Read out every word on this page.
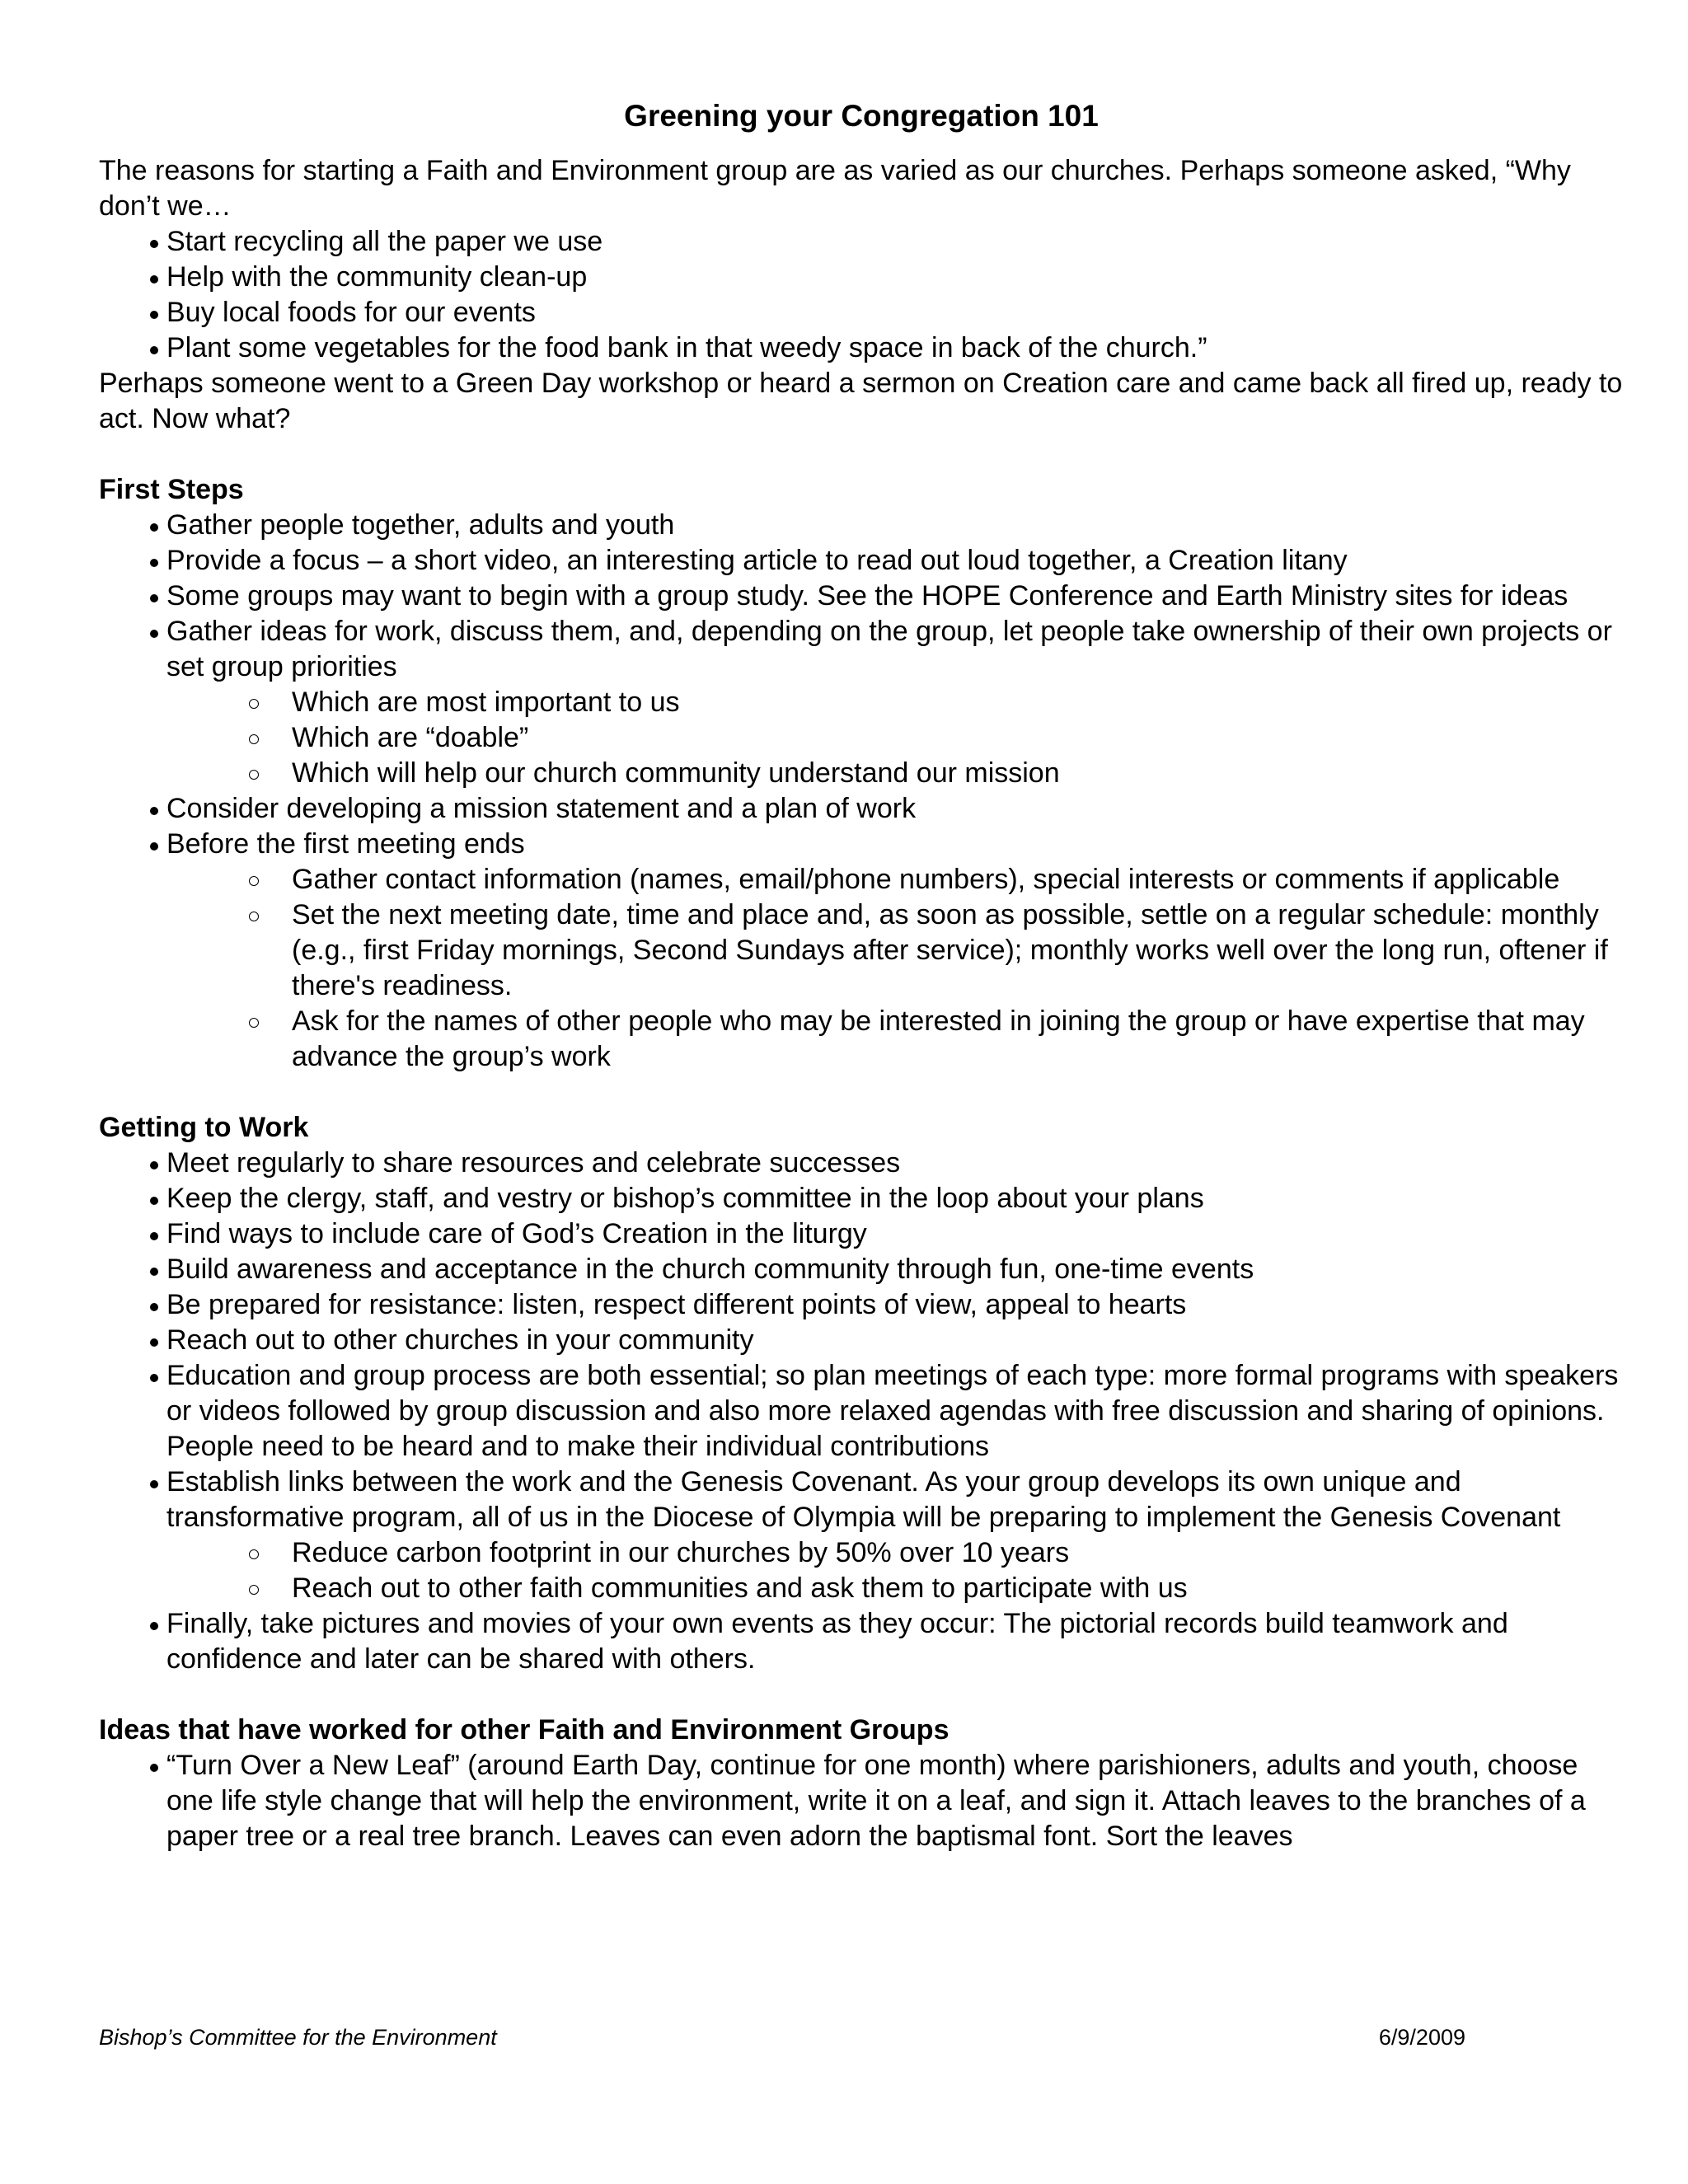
Greening your Congregation 101

The reasons for starting a Faith and Environment group are as varied as our churches. Perhaps someone asked, “Why don’t we…

Start recycling all the paper we use
Help with the community clean-up
Buy local foods for our events
Plant some vegetables for the food bank in that weedy space in back of the church.”

Perhaps someone went to a Green Day workshop or heard a sermon on Creation care and came back all fired up, ready to act. Now what?

First Steps
Gather people together, adults and youth
Provide a focus – a short video, an interesting article to read out loud together, a Creation litany
Some groups may want to begin with a group study. See the HOPE Conference and Earth Ministry sites for ideas
Gather ideas for work, discuss them, and, depending on the group, let people take ownership of their own projects or set group priorities
Which are most important to us
Which are “doable”
Which will help our church community understand our mission
Consider developing a mission statement and a plan of work
Before the first meeting ends
Gather contact information (names, email/phone numbers), special interests or comments if applicable
Set the next meeting date, time and place and, as soon as possible, settle on a regular schedule: monthly (e.g., first Friday mornings, Second Sundays after service); monthly works well over the long run, oftener if there's readiness.
Ask for the names of other people who may be interested in joining the group or have expertise that may advance the group’s work
Getting to Work
Meet regularly to share resources and celebrate successes
Keep the clergy, staff, and vestry or bishop’s committee in the loop about your plans
Find ways to include care of God’s Creation in the liturgy
Build awareness and acceptance in the church community through fun, one-time events
Be prepared for resistance: listen, respect different points of view, appeal to hearts
Reach out to other churches in your community
Education and group process are both essential; so plan meetings of each type: more formal programs with speakers or videos followed by group discussion and also more relaxed agendas with free discussion and sharing of opinions. People need to be heard and to make their individual contributions
Establish links between the work and the Genesis Covenant. As your group develops its own unique and transformative program, all of us in the Diocese of Olympia will be preparing to implement the Genesis Covenant
Reduce carbon footprint in our churches by 50% over 10 years
Reach out to other faith communities and ask them to participate with us
Finally, take pictures and movies of your own events as they occur: The pictorial records build teamwork and confidence and later can be shared with others.
Ideas that have worked for other Faith and Environment Groups
“Turn Over a New Leaf” (around Earth Day, continue for one month) where parishioners, adults and youth, choose one life style change that will help the environment, write it on a leaf, and sign it. Attach leaves to the branches of a paper tree or a real tree branch. Leaves can even adorn the baptismal font. Sort the leaves
Bishop’s Committee for the Environment	6/9/2009
